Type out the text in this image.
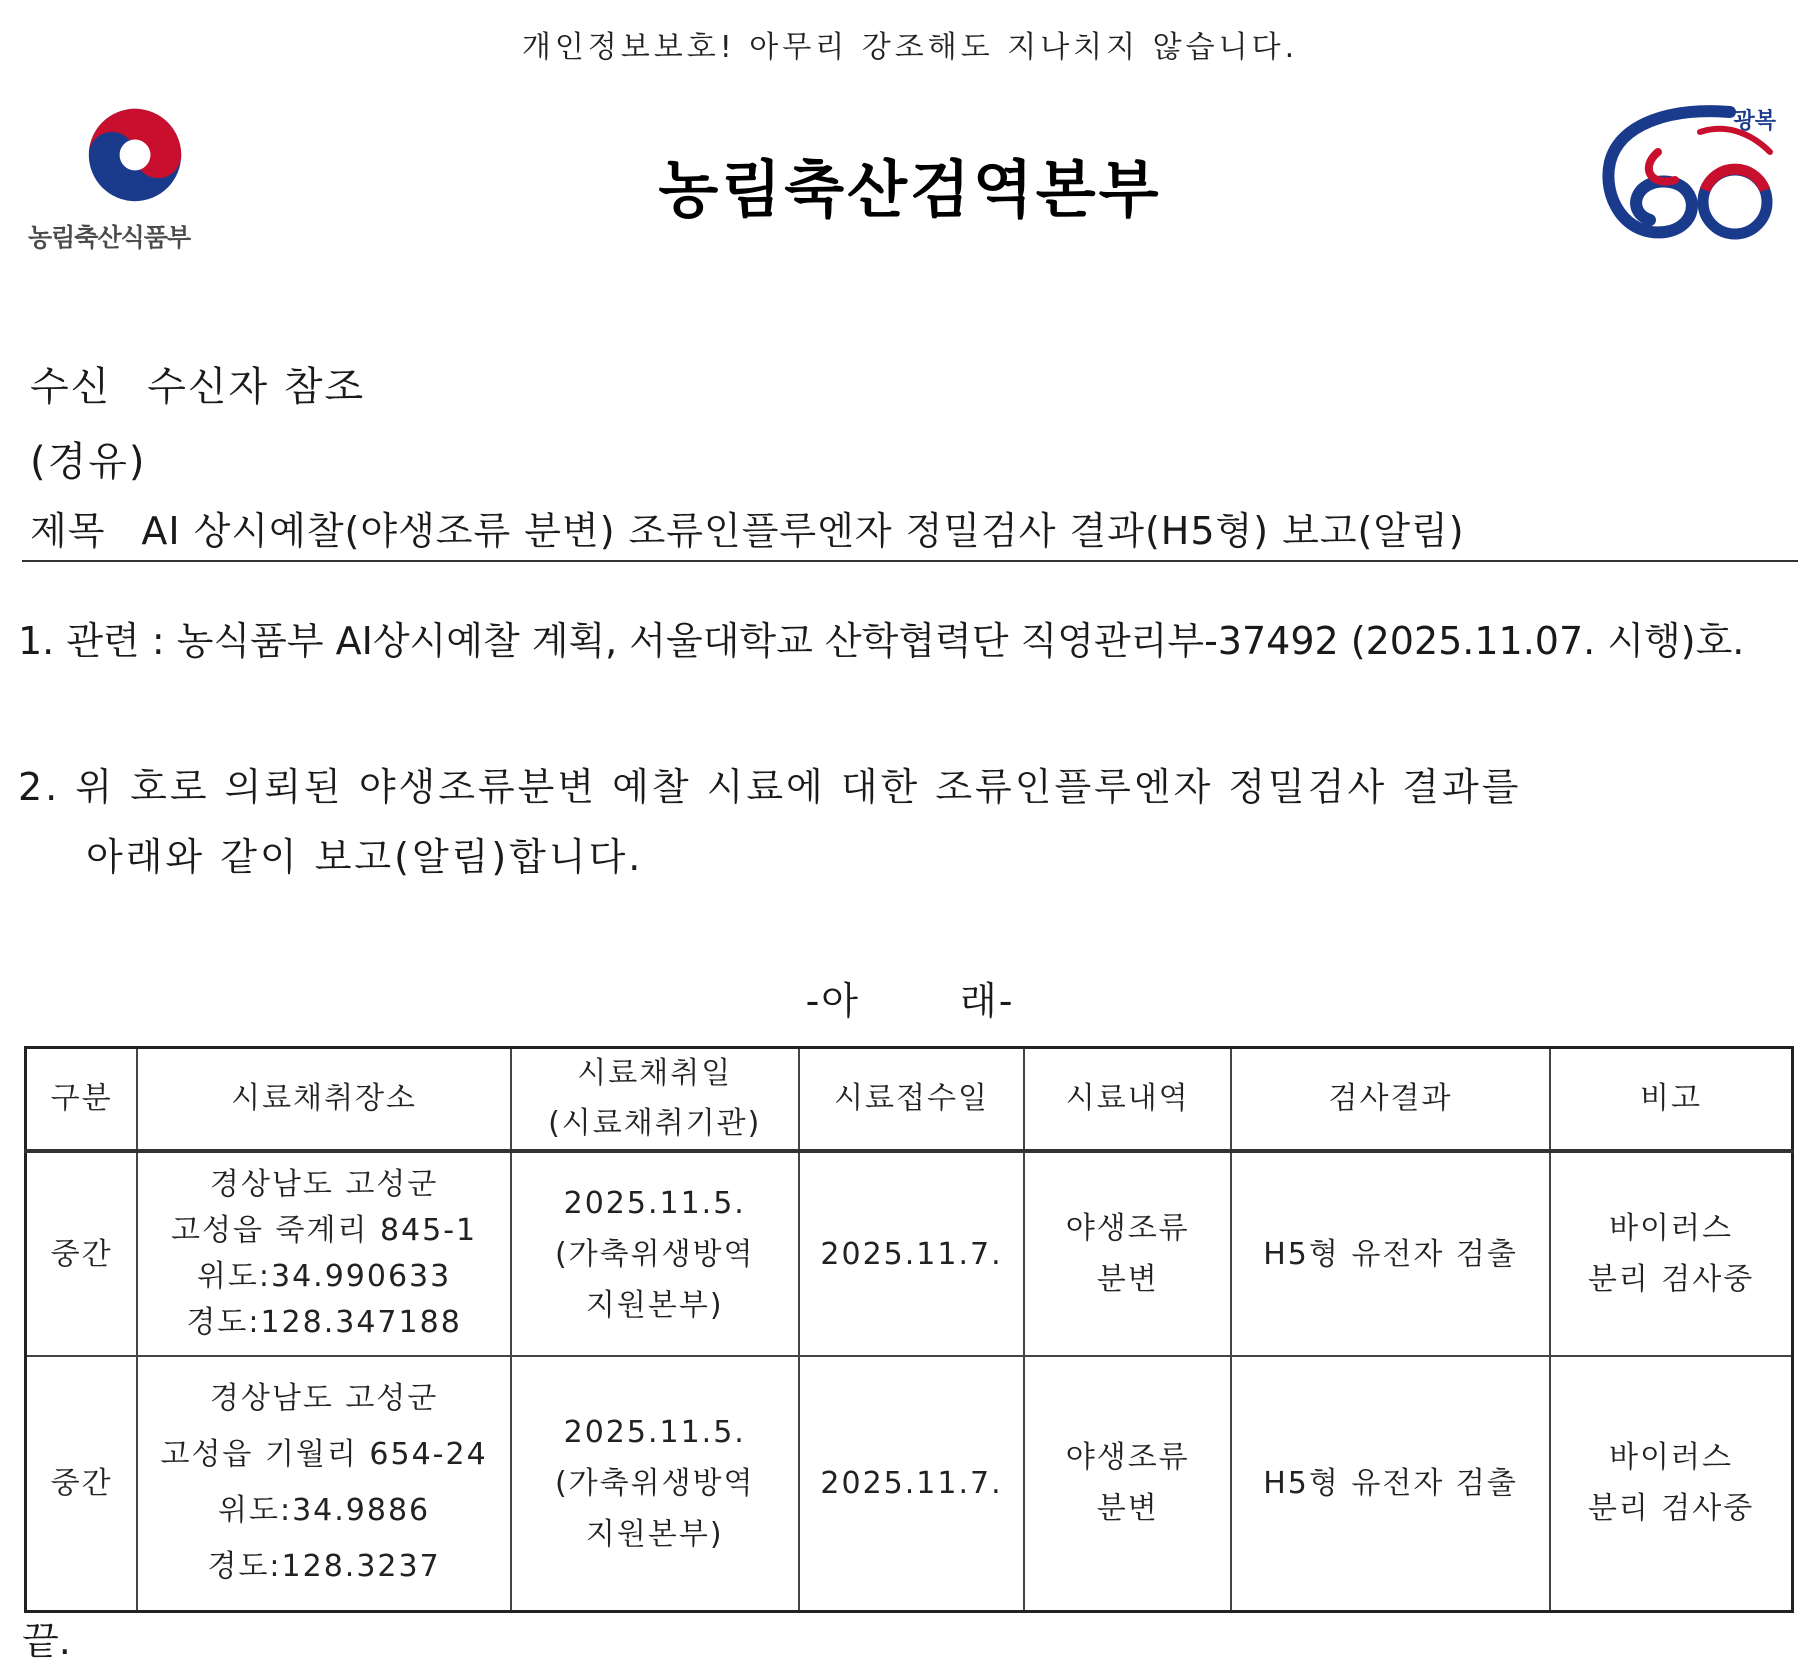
개인정보보호! 아무리 강조해도 지나치지 않습니다.
농림축산식품부
농림축산검역본부
광복
수신 수신자 참조
(경유)
제목 AI 상시예찰(야생조류 분변) 조류인플루엔자 정밀검사 결과(H5형) 보고(알림)
1. 관련 : 농식품부 AI상시예찰 계획, 서울대학교 산학협력단 직영관리부-37492 (2025.11.07. 시행)호.
2. 위 호로 의뢰된 야생조류분변 예찰 시료에 대한 조류인플루엔자 정밀검사 결과를
아래와 같이 보고(알림)합니다.
-아	래-
구분	시료채취장소	시료채취일
(시료채취기관)	시료접수일	시료내역	검사결과	비고
중간	경상남도 고성군
고성읍 죽계리 845-1
위도:34.990633
경도:128.347188	2025.11.5.
(가축위생방역
지원본부)	2025.11.7.	야생조류
분변	H5형 유전자 검출	바이러스
분리 검사중

중간	경상남도 고성군
고성읍 기월리 654-24
위도:34.9886
경도:128.3237	2025.11.5.
(가축위생방역
지원본부)	2025.11.7.	야생조류
분변	H5형 유전자 검출	바이러스
분리 검사중
끝.
